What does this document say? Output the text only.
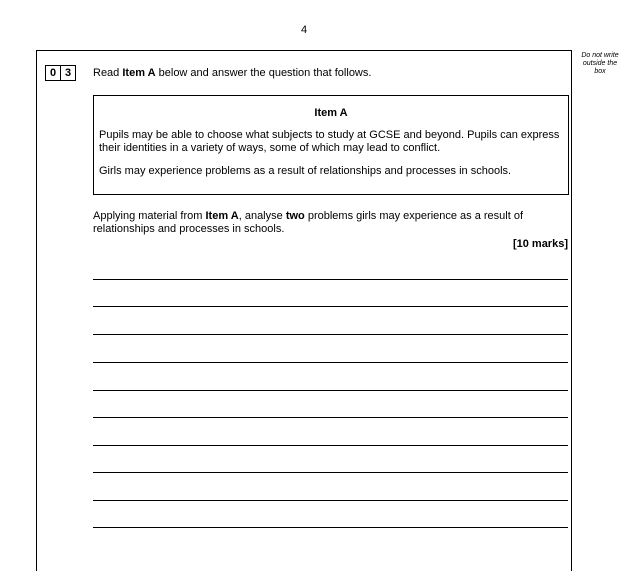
4
Do not write
outside the
box
0 3	Read Item A below and answer the question that follows.
Item A

Pupils may be able to choose what subjects to study at GCSE and beyond. Pupils can express their identities in a variety of ways, some of which may lead to conflict.

Girls may experience problems as a result of relationships and processes in schools.

Applying material from Item A, analyse two problems girls may experience as a result of relationships and processes in schools.
[10 marks]
